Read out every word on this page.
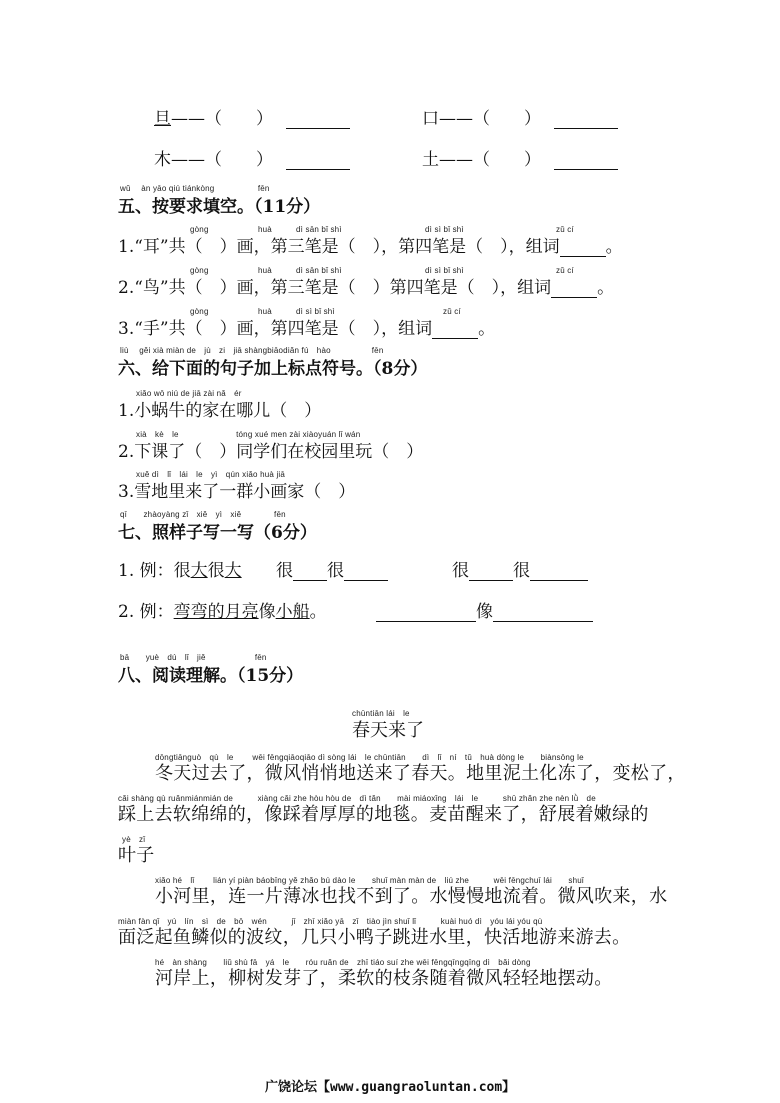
旦——（　　）	口——（　　）
木——（　　）	土——（　　）
wǔ　 àn yāo qiú tiánkòng　　　　　 fēn
五、按要求填空。（11分）
gòng	huà	dì sān bǐ shì	dì sì bǐ shì	zǔ cí
1.“耳”共（　）画，第三笔是（　），第四笔是（　），组词	。
gòng	huà	dì sān bǐ shì	dì sì bǐ shì	zǔ cí
2.“鸟”共（　）画，第三笔是（　）第四笔是（　），组词	。
gòng	huà	dì sì bǐ shì	zǔ cí
3.“手”共（　）画，第四笔是（　），组词	。
liù　 gěi xià miàn de　jù　zi　jiā shàngbiāodiǎn fú　hào　　　　　fēn
六、给下面的句子加上标点符号。（8分）
xiǎo wō niú de jiā zài nǎ　ér
1.小蜗牛的家在哪儿（　）
xià　kè　le　　　　　　　tóng xué men zài xiàoyuán lǐ wán
2.下课了（　）同学们在校园里玩（　）
xuě dì　lǐ　lái　le　yì　qún xiǎo huà jiā
3.雪地里来了一群小画家（　）
qī　　zhàoyàng zǐ　xiě　yì　xiě　　　　fēn
七、照样子写一写（6分）
1. 例：很大很大 很 很	很	很
2. 例：弯弯的月亮像小船。	像
bā　　yuè　dú　lǐ　jiě　　　　　　fēn
八、阅读理解。（15分）
chūntiān lái　le
春天来了
dōngtiānguò　qù　le　　 wēi fēngqiāoqiāo dì sòng lái　le chūntiān　　dì　lǐ　ní　tǔ　huà dòng le　　biànsōng le
冬天过去了，微风悄悄地送来了春天。地里泥土化冻了，变松了，
cǎi shàng qù ruǎnmiánmián de　　　xiàng cǎi zhe hòu hòu de　dì tǎn　　mài miáoxǐng　lái　le　　　shū zhǎn zhe nèn lǜ　de
踩上去软绵绵的，像踩着厚厚的地毯。麦苗醒来了，舒展着嫩绿的
yè　zǐ
叶子
xiǎo hé　lǐ　　 lián yí piàn báobīng yě zhǎo bú dào le　　shuǐ màn màn de　liú zhe　　　wēi fēngchuī lái　　shuǐ
小河里，连一片薄冰也找不到了。水慢慢地流着。微风吹来，水
miàn fàn qǐ　yú　lín　sì　de　bō　wén　　　jǐ　zhī xiǎo yā　zǐ　tiào jìn shuǐ lǐ　　　kuài huó dì　yóu lái yóu qù
面泛起鱼鳞似的波纹，几只小鸭子跳进水里，快活地游来游去。
hé　àn shàng　　liǔ shù fā　yá　le　　róu ruǎn de　zhī tiáo suí zhe wēi fēngqīngqīng dì　bǎi dòng
河岸上，柳树发芽了，柔软的枝条随着微风轻轻地摆动。
广饶论坛【www.guangraoluntan.com】
